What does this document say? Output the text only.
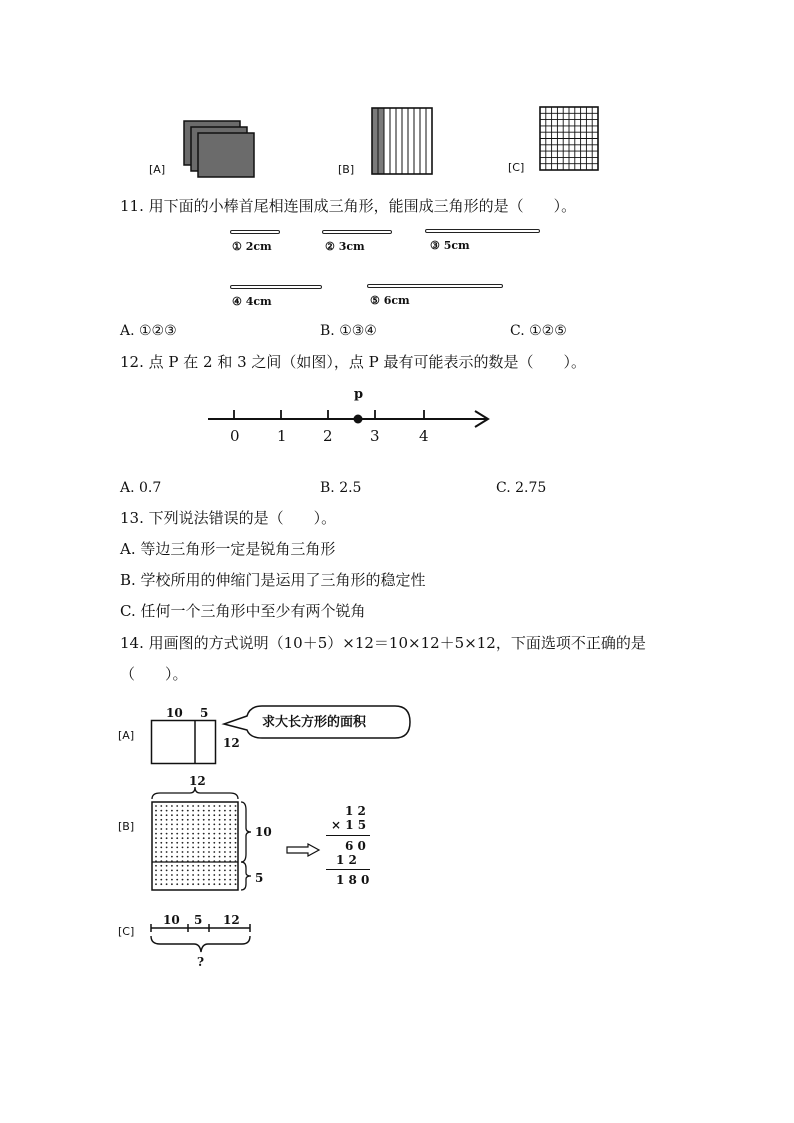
[A]	[B]	[C]
11. 用下面的小棒首尾相连围成三角形，能围成三角形的是（　　）。
① 2cm	② 3cm	③ 5cm
④ 4cm	⑤ 6cm
A. ①②③	B. ①③④	C. ①②⑤
12. 点 P 在 2 和 3 之间（如图），点 P 最有可能表示的数是（　　）。
p
0 1 2 3	4
A. 0.7	B. 2.5	C. 2.75
13. 下列说法错误的是（　　）。
A. 等边三角形一定是锐角三角形
B. 学校所用的伸缩门是运用了三角形的稳定性
C. 任何一个三角形中至少有两个锐角
14. 用画图的方式说明（10＋5）×12＝10×12＋5×12，下面选项不正确的是
（　　）。
[A]
10 5
12
求大长方形的面积
[B]
12
10
5
1 2
× 1 5
6 0
1 2
1 8 0
[C]
10 5 12
?
